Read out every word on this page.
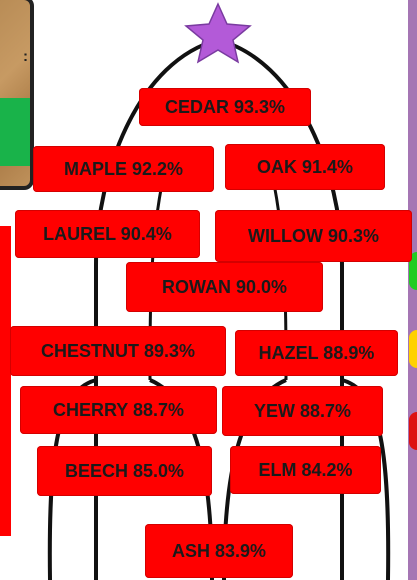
:
CEDAR 93.3%
MAPLE 92.2%	OAK 91.4%
LAUREL 90.4%	WILLOW 90.3%
ROWAN 90.0%
CHESTNUT 89.3%	HAZEL 88.9%
CHERRY 88.7%	YEW 88.7%
BEECH 85.0%	ELM 84.2%
ASH 83.9%
